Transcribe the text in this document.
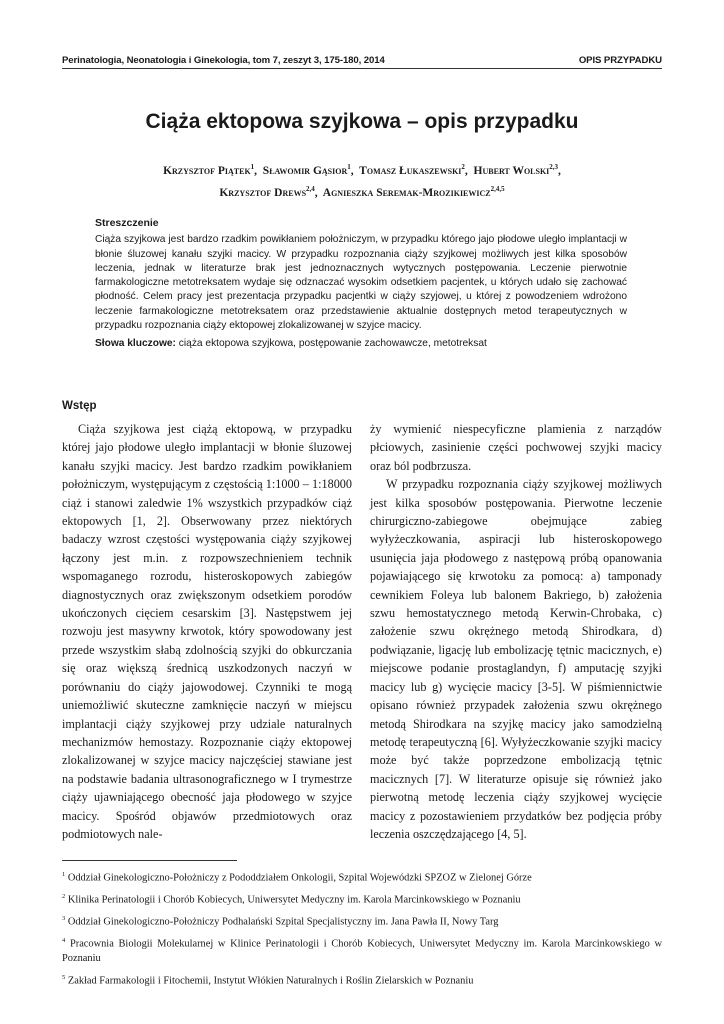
Perinatologia, Neonatologia i Ginekologia, tom 7, zeszyt 3, 175-180, 2014	OPIS PRZYPADKU
Ciąża ektopowa szyjkowa – opis przypadku
Krzysztof Piątek$^1$,  Sławomir Gąsior$^1$,  Tomasz Łukaszewski$^2$,  Hubert Wolski$^{2,3}$,
Krzysztof Drews$^{2,4}$,  Agnieszka Seremak-Mrozikiewicz$^{2,4,5}$
Streszczenie
Ciąża szyjkowa jest bardzo rzadkim powikłaniem położniczym, w przypadku którego jajo płodowe uległo implantacji w błonie śluzowej kanału szyjki macicy. W przypadku rozpoznania ciąży szyjkowej możliwych jest kilka sposobów leczenia, jednak w literaturze brak jest jednoznacznych wytycznych postępowania. Leczenie pierwotnie farmakologiczne metotreksatem wydaje się odznaczać wysokim odsetkiem pacjentek, u których udało się zachować płodność. Celem pracy jest prezentacja przypadku pacjentki w ciąży szyjowej, u której z powodzeniem wdrożono leczenie farmakologiczne metotreksatem oraz przedstawienie aktualnie dostępnych metod terapeutycznych w przypadku rozpoznania ciąży ektopowej zlokalizowanej w szyjce macicy.
Słowa kluczowe: ciąża ektopowa szyjkowa, postępowanie zachowawcze, metotreksat
Wstęp

Ciąża szyjkowa jest ciążą ektopową, w przypadku której jajo płodowe uległo implantacji w błonie śluzowej kanału szyjki macicy. Jest bardzo rzadkim powikłaniem położniczym, występującym z częstością 1:1000 – 1:18000 ciąż i stanowi zaledwie 1% wszystkich przypadków ciąż ektopowych [1, 2]. Obserwowany przez niektórych badaczy wzrost częstości występowania ciąży szyjkowej łączony jest m.in. z rozpowszechnieniem technik wspomaganego rozrodu, histeroskopowych zabiegów diagnostycznych oraz zwiększonym odsetkiem porodów ukończonych cięciem cesarskim [3]. Następstwem jej rozwoju jest masywny krwotok, który spowodowany jest przede wszystkim słabą zdolnością szyjki do obkurczania się oraz większą średnicą uszkodzonych naczyń w porównaniu do ciąży jajowodowej. Czynniki te mogą uniemożliwić skuteczne zamknięcie naczyń w miejscu implantacji ciąży szyjkowej przy udziale naturalnych mechanizmów hemostazy. Rozpoznanie ciąży ektopowej zlokalizowanej w szyjce macicy najczęściej stawiane jest na podstawie badania ultrasonograficznego w I trymestrze ciąży ujawniającego obecność jaja płodowego w szyjce macicy. Spośród objawów przedmiotowych oraz podmiotowych nale-

ży wymienić niespecyficzne plamienia z narządów płciowych, zasinienie części pochwowej szyjki macicy oraz ból podbrzusza.

W przypadku rozpoznania ciąży szyjkowej możliwych jest kilka sposobów postępowania. Pierwotne leczenie chirurgiczno-zabiegowe obejmujące zabieg wyłyżeczkowania, aspiracji lub histeroskopowego usunięcia jaja płodowego z następową próbą opanowania pojawiającego się krwotoku za pomocą: a) tamponady cewnikiem Foleya lub balonem Bakriego, b) założenia szwu hemostatycznego metodą Kerwin-Chrobaka, c) założenie szwu okrężnego metodą Shirodkara, d) podwiązanie, ligację lub embolizację tętnic macicznych, e) miejscowe podanie prostaglandyn, f) amputację szyjki macicy lub g) wycięcie macicy [3-5]. W piśmiennictwie opisano również przypadek założenia szwu okrężnego metodą Shirodkara na szyjkę macicy jako samodzielną metodę terapeutyczną [6]. Wyłyżeczkowanie szyjki macicy może być także poprzedzone embolizacją tętnic macicznych [7]. W literaturze opisuje się również jako pierwotną metodę leczenia ciąży szyjkowej wycięcie macicy z pozostawieniem przydatków bez podjęcia próby leczenia oszczędzającego [4, 5].

$^1$ Oddział Ginekologiczno-Położniczy z Pododdziałem Onkologii, Szpital Wojewódzki SPZOZ w Zielonej Górze
$^2$ Klinika Perinatologii i Chorób Kobiecych, Uniwersytet Medyczny im. Karola Marcinkowskiego w Poznaniu
$^3$ Oddział Ginekologiczno-Położniczy Podhalański Szpital Specjalistyczny im. Jana Pawła II, Nowy Targ
$^4$ Pracownia Biologii Molekularnej w Klinice Perinatologii i Chorób Kobiecych, Uniwersytet Medyczny im. Karola Marcinkowskiego w Poznaniu
$^5$ Zakład Farmakologii i Fitochemii, Instytut Włókien Naturalnych i Roślin Zielarskich w Poznaniu
